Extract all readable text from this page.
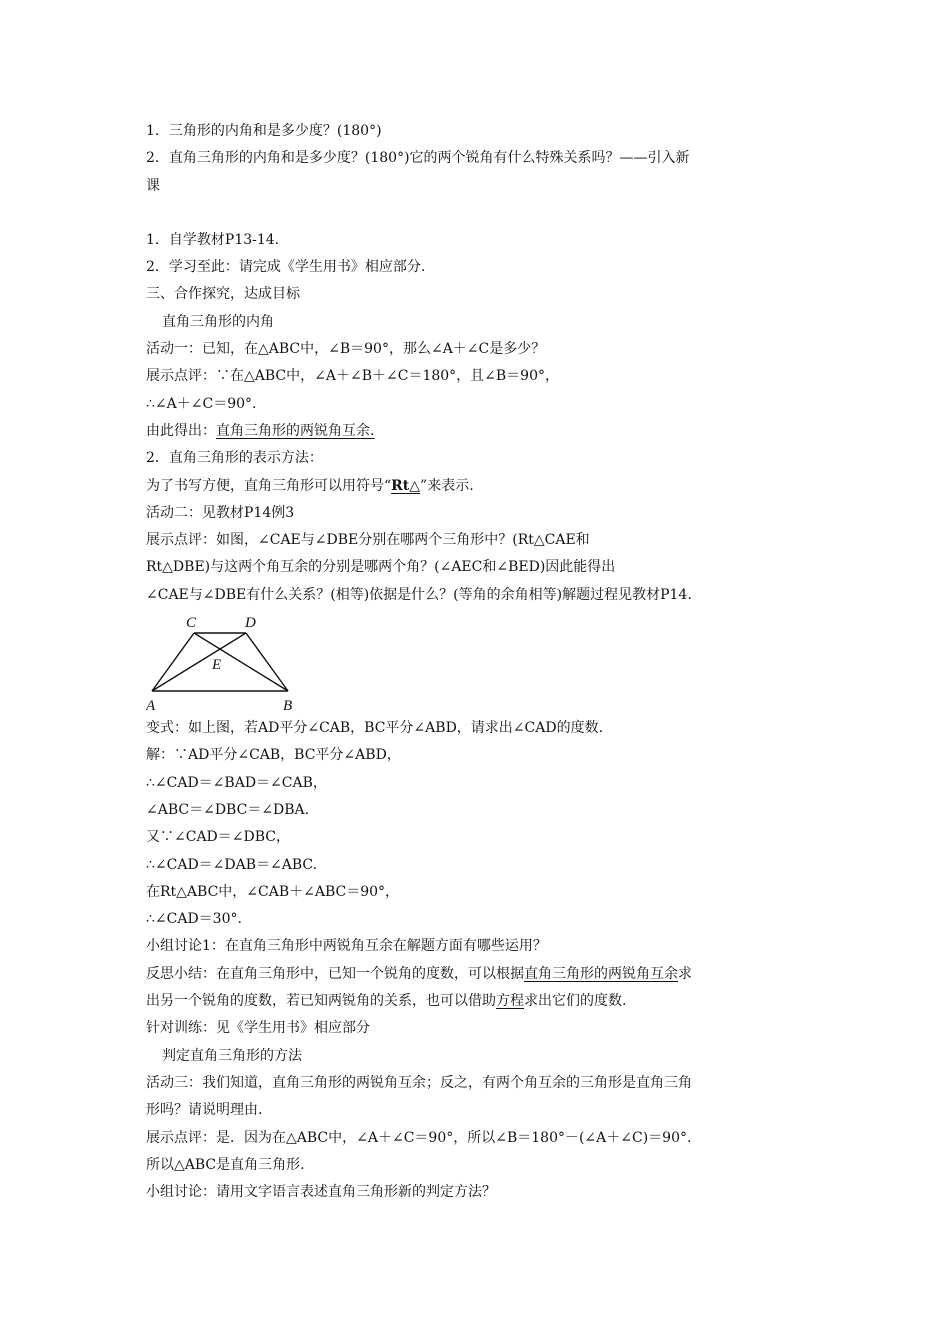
1．三角形的内角和是多少度？(180°)
2．直角三角形的内角和是多少度？(180°)它的两个锐角有什么特殊关系吗？——引入新
课
1．自学教材P13-14.
2．学习至此：请完成《学生用书》相应部分.
三、合作探究，达成目标
直角三角形的内角
活动一：已知，在△ABC中，∠B＝90°，那么∠A＋∠C是多少？
展示点评：∵在△ABC中，∠A＋∠B＋∠C＝180°，且∠B＝90°，
∴∠A＋∠C＝90°.
由此得出：直角三角形的两锐角互余.
2．直角三角形的表示方法：
为了书写方便，直角三角形可以用符号“Rt△”来表示.
活动二：见教材P14例3
展示点评：如图，∠CAE与∠DBE分别在哪两个三角形中？(Rt△CAE和
Rt△DBE)与这两个角互余的分别是哪两个角？(∠AEC和∠BED)因此能得出
∠CAE与∠DBE有什么关系？(相等)依据是什么？(等角的余角相等)解题过程见教材P14.
C	D
E
A	B
变式：如上图，若AD平分∠CAB，BC平分∠ABD，请求出∠CAD的度数.
解：∵AD平分∠CAB，BC平分∠ABD，
∴∠CAD＝∠BAD＝∠CAB，
∠ABC＝∠DBC＝∠DBA.
又∵∠CAD＝∠DBC，
∴∠CAD＝∠DAB＝∠ABC.
在Rt△ABC中，∠CAB＋∠ABC＝90°，
∴∠CAD＝30°.
小组讨论1：在直角三角形中两锐角互余在解题方面有哪些运用？
反思小结：在直角三角形中，已知一个锐角的度数，可以根据直角三角形的两锐角互余求
出另一个锐角的度数，若已知两锐角的关系，也可以借助方程求出它们的度数.
针对训练：见《学生用书》相应部分
判定直角三角形的方法
活动三：我们知道，直角三角形的两锐角互余；反之，有两个角互余的三角形是直角三角
形吗？请说明理由.
展示点评：是．因为在△ABC中，∠A＋∠C＝90°，所以∠B＝180°－(∠A＋∠C)＝90°.
所以△ABC是直角三角形.
小组讨论：请用文字语言表述直角三角形新的判定方法？
